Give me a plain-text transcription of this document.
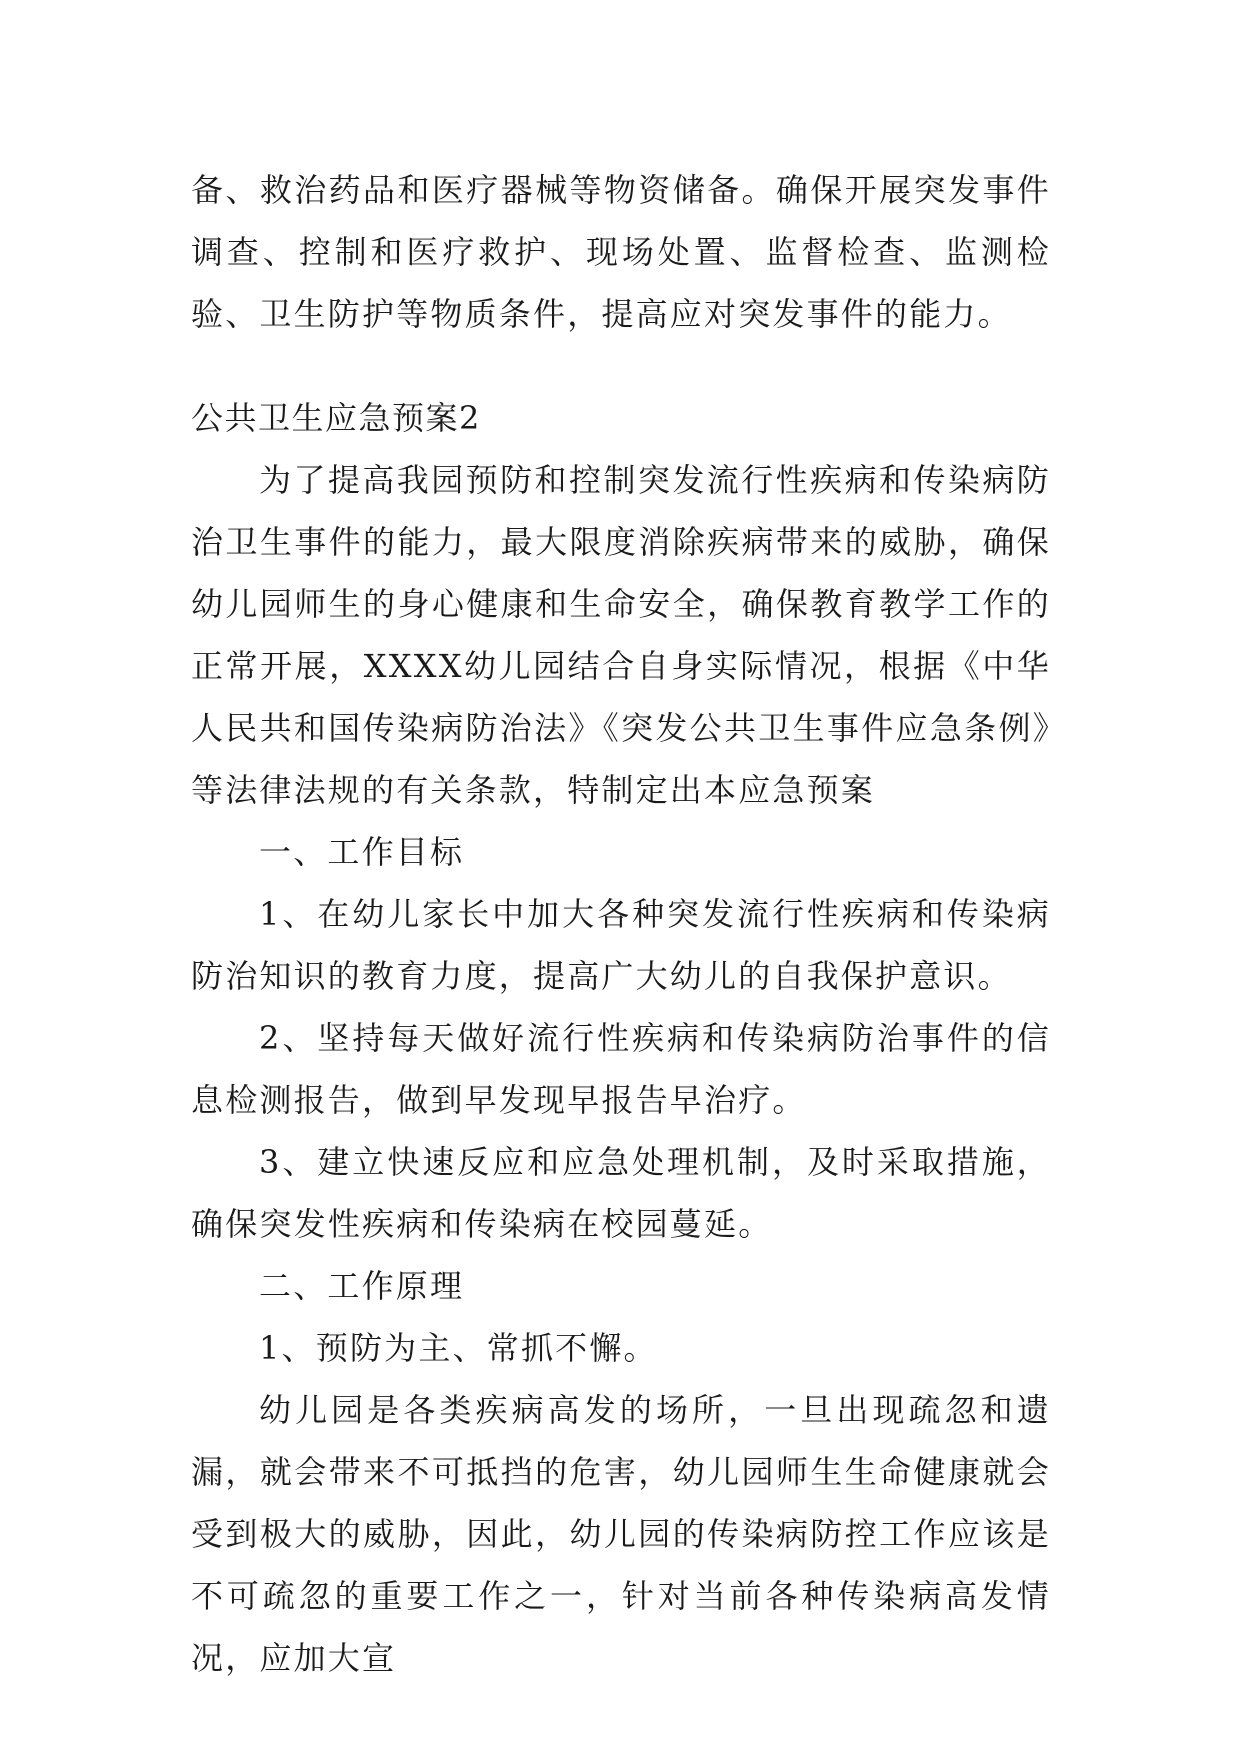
备、救治药品和医疗器械等物资储备。确保开展突发事件调查、控制和医疗救护、现场处置、监督检查、监测检验、卫生防护等物质条件，提高应对突发事件的能力。

公共卫生应急预案2

为了提高我园预防和控制突发流行性疾病和传染病防治卫生事件的能力，最大限度消除疾病带来的威胁，确保幼儿园师生的身心健康和生命安全，确保教育教学工作的正常开展，XXXX幼儿园结合自身实际情况，根据《中华人民共和国传染病防治法》《突发公共卫生事件应急条例》等法律法规的有关条款，特制定出本应急预案

一、工作目标

1、在幼儿家长中加大各种突发流行性疾病和传染病防治知识的教育力度，提高广大幼儿的自我保护意识。

2、坚持每天做好流行性疾病和传染病防治事件的信息检测报告，做到早发现早报告早治疗。

3、建立快速反应和应急处理机制，及时采取措施，确保突发性疾病和传染病在校园蔓延。

二、工作原理

1、预防为主、常抓不懈。

幼儿园是各类疾病高发的场所，一旦出现疏忽和遗漏，就会带来不可抵挡的危害，幼儿园师生生命健康就会受到极大的威胁，因此，幼儿园的传染病防控工作应该是不可疏忽的重要工作之一，针对当前各种传染病高发情况，应加大宣
